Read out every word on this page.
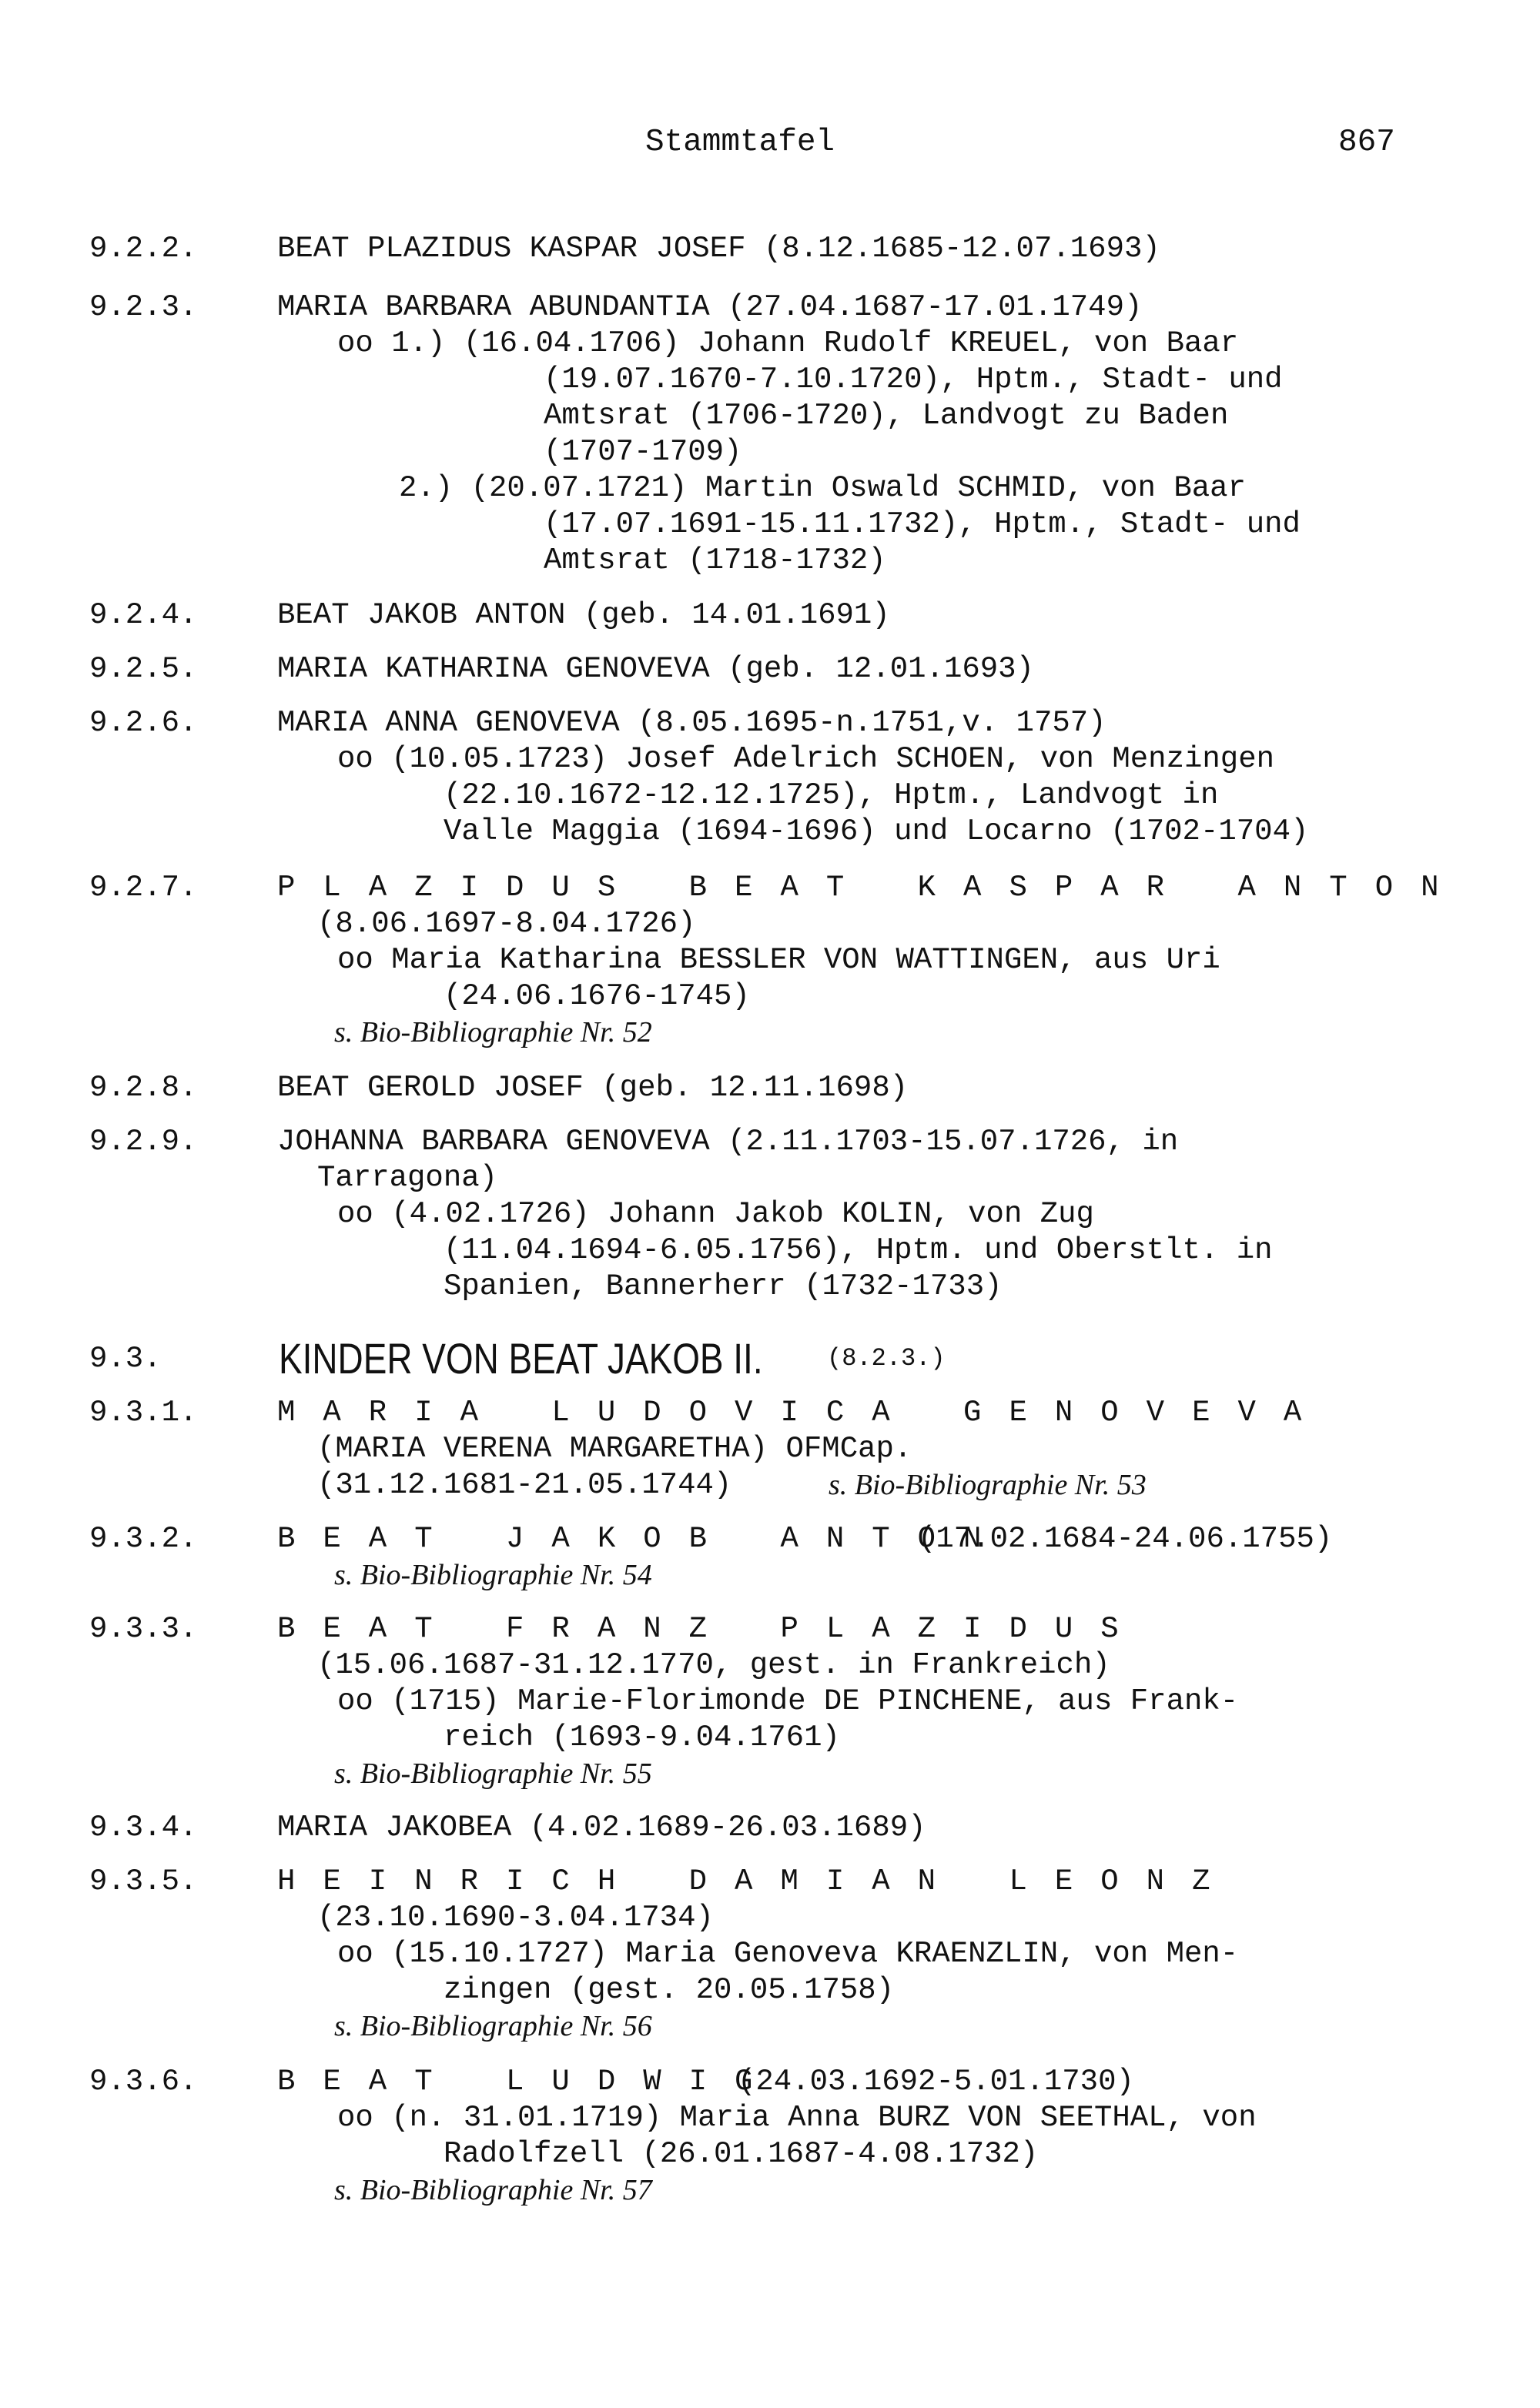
Stammtafel	867
9.2.2.	BEAT PLAZIDUS KASPAR JOSEF (8.12.1685-12.07.1693)
9.2.3.	MARIA BARBARA ABUNDANTIA (27.04.1687-17.01.1749)
oo 1.) (16.04.1706) Johann Rudolf KREUEL, von Baar
(19.07.1670-7.10.1720), Hptm., Stadt- und
Amtsrat (1706-1720), Landvogt zu Baden
(1707-1709)
2.) (20.07.1721) Martin Oswald SCHMID, von Baar
(17.07.1691-15.11.1732), Hptm., Stadt- und
Amtsrat (1718-1732)
9.2.4.	BEAT JAKOB ANTON (geb. 14.01.1691)
9.2.5.	MARIA KATHARINA GENOVEVA (geb. 12.01.1693)
9.2.6.	MARIA ANNA GENOVEVA (8.05.1695-n.1751,v. 1757)
oo (10.05.1723) Josef Adelrich SCHOEN, von Menzingen
(22.10.1672-12.12.1725), Hptm., Landvogt in
Valle Maggia (1694-1696) und Locarno (1702-1704)
9.2.7.	PLAZIDUS BEAT KASPAR ANTON
(8.06.1697-8.04.1726)
oo Maria Katharina BESSLER VON WATTINGEN, aus Uri
(24.06.1676-1745)
s. Bio-Bibliographie Nr. 52
9.2.8.	BEAT GEROLD JOSEF (geb. 12.11.1698)
9.2.9.	JOHANNA BARBARA GENOVEVA (2.11.1703-15.07.1726, in
Tarragona)
oo (4.02.1726) Johann Jakob KOLIN, von Zug
(11.04.1694-6.05.1756), Hptm. und Oberstlt. in
Spanien, Bannerherr (1732-1733)
9.3.	KINDER VON BEAT JAKOB II.	(8.2.3.)
9.3.1.	MARIA LUDOVICA GENOVEVA
(MARIA VERENA MARGARETHA) OFMCap.
(31.12.1681-21.05.1744)	s. Bio-Bibliographie Nr. 53
9.3.2.	BEAT JAKOB ANTON
(17.02.1684-24.06.1755)
s. Bio-Bibliographie Nr. 54
9.3.3.	BEAT FRANZ PLAZIDUS
(15.06.1687-31.12.1770, gest. in Frankreich)
oo (1715) Marie-Florimonde DE PINCHENE, aus Frank-
reich (1693-9.04.1761)
s. Bio-Bibliographie Nr. 55
9.3.4.	MARIA JAKOBEA (4.02.1689-26.03.1689)
9.3.5.	HEINRICH DAMIAN LEONZ
(23.10.1690-3.04.1734)
oo (15.10.1727) Maria Genoveva KRAENZLIN, von Men-
zingen (gest. 20.05.1758)
s. Bio-Bibliographie Nr. 56
9.3.6.	BEAT LUDWIG
(24.03.1692-5.01.1730)
oo (n. 31.01.1719) Maria Anna BURZ VON SEETHAL, von
Radolfzell (26.01.1687-4.08.1732)
s. Bio-Bibliographie Nr. 57
